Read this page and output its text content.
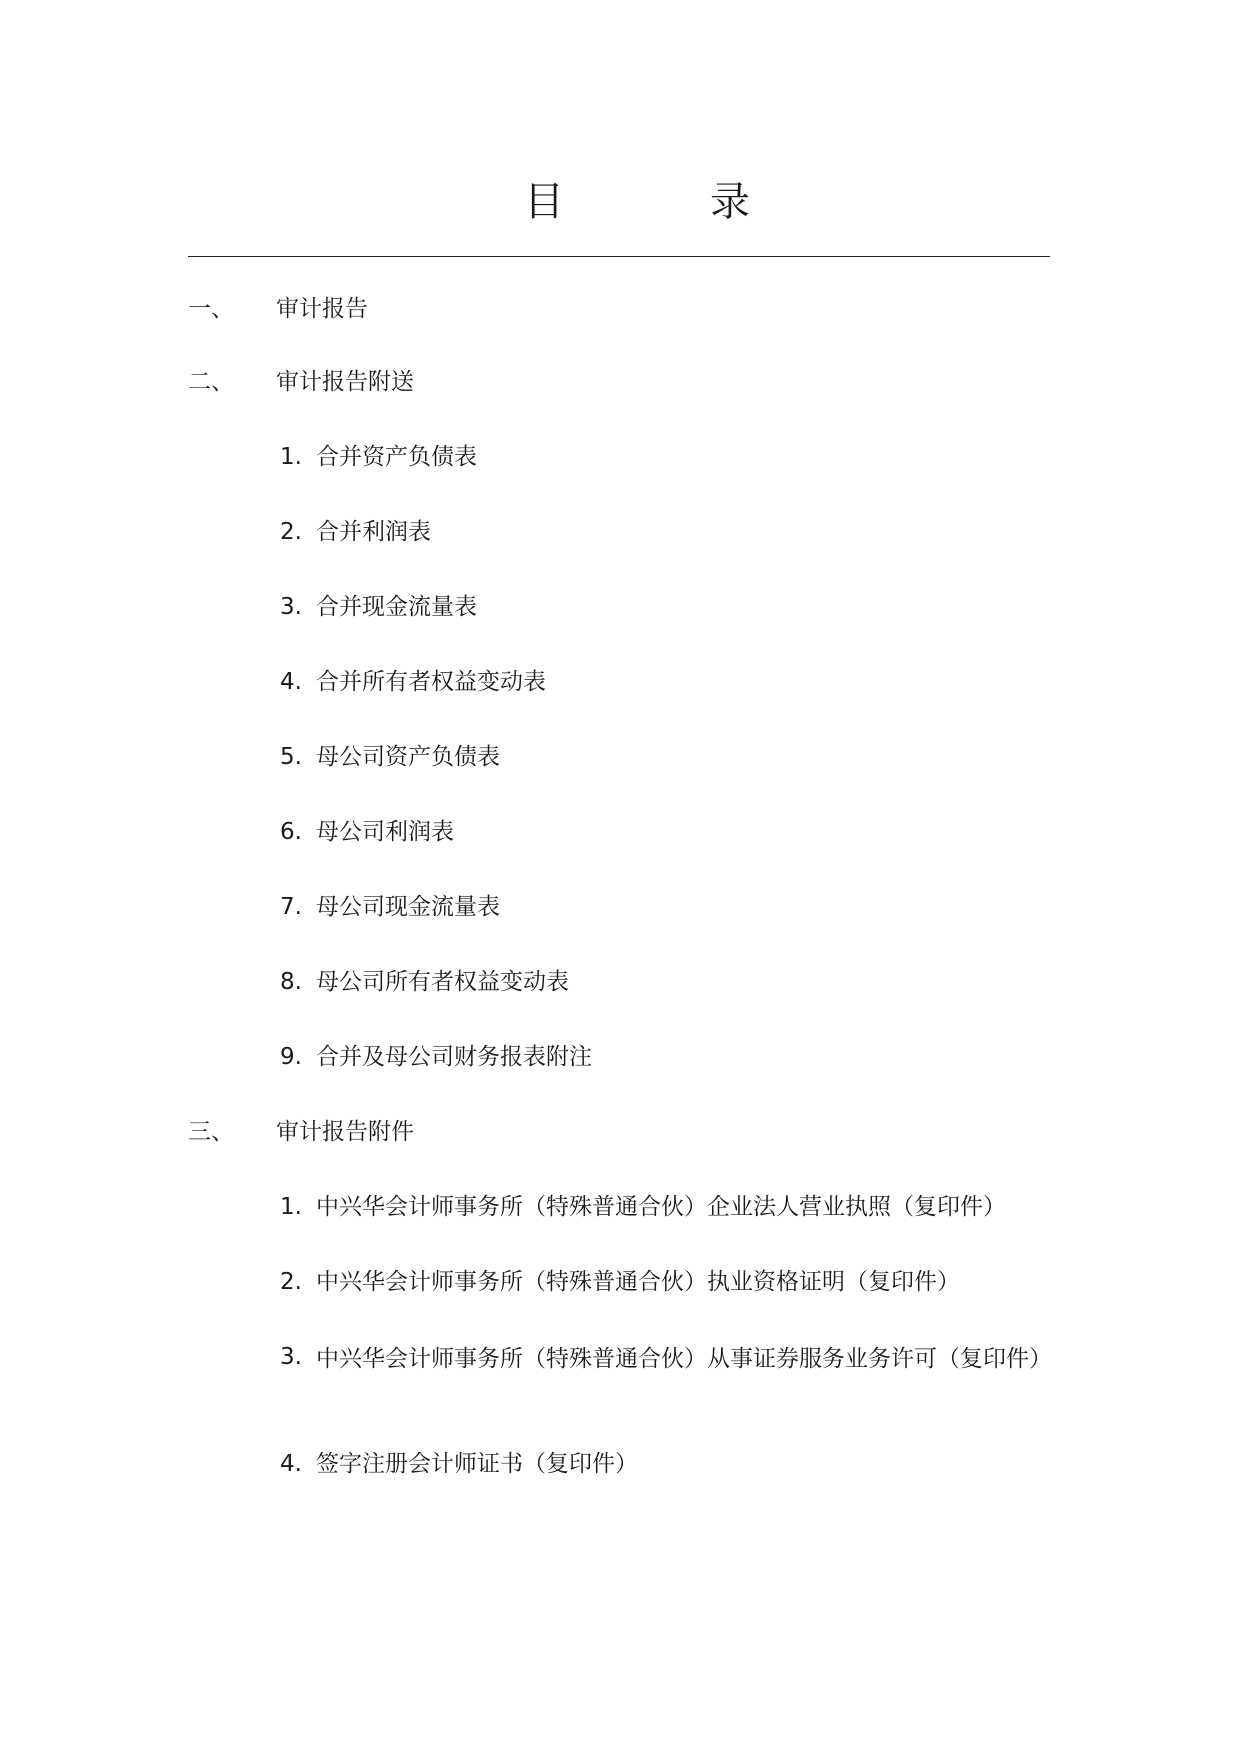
目	录
一、 审计报告
二、 审计报告附送
1. 合并资产负债表
2. 合并利润表
3. 合并现金流量表
4. 合并所有者权益变动表
5. 母公司资产负债表
6. 母公司利润表
7. 母公司现金流量表
8. 母公司所有者权益变动表
9. 合并及母公司财务报表附注
三、 审计报告附件
1. 中兴华会计师事务所（特殊普通合伙）企业法人营业执照（复印件）
2. 中兴华会计师事务所（特殊普通合伙）执业资格证明（复印件）
3. 中兴华会计师事务所（特殊普通合伙）从事证券服务业务许可（复印件）
4. 签字注册会计师证书（复印件）
